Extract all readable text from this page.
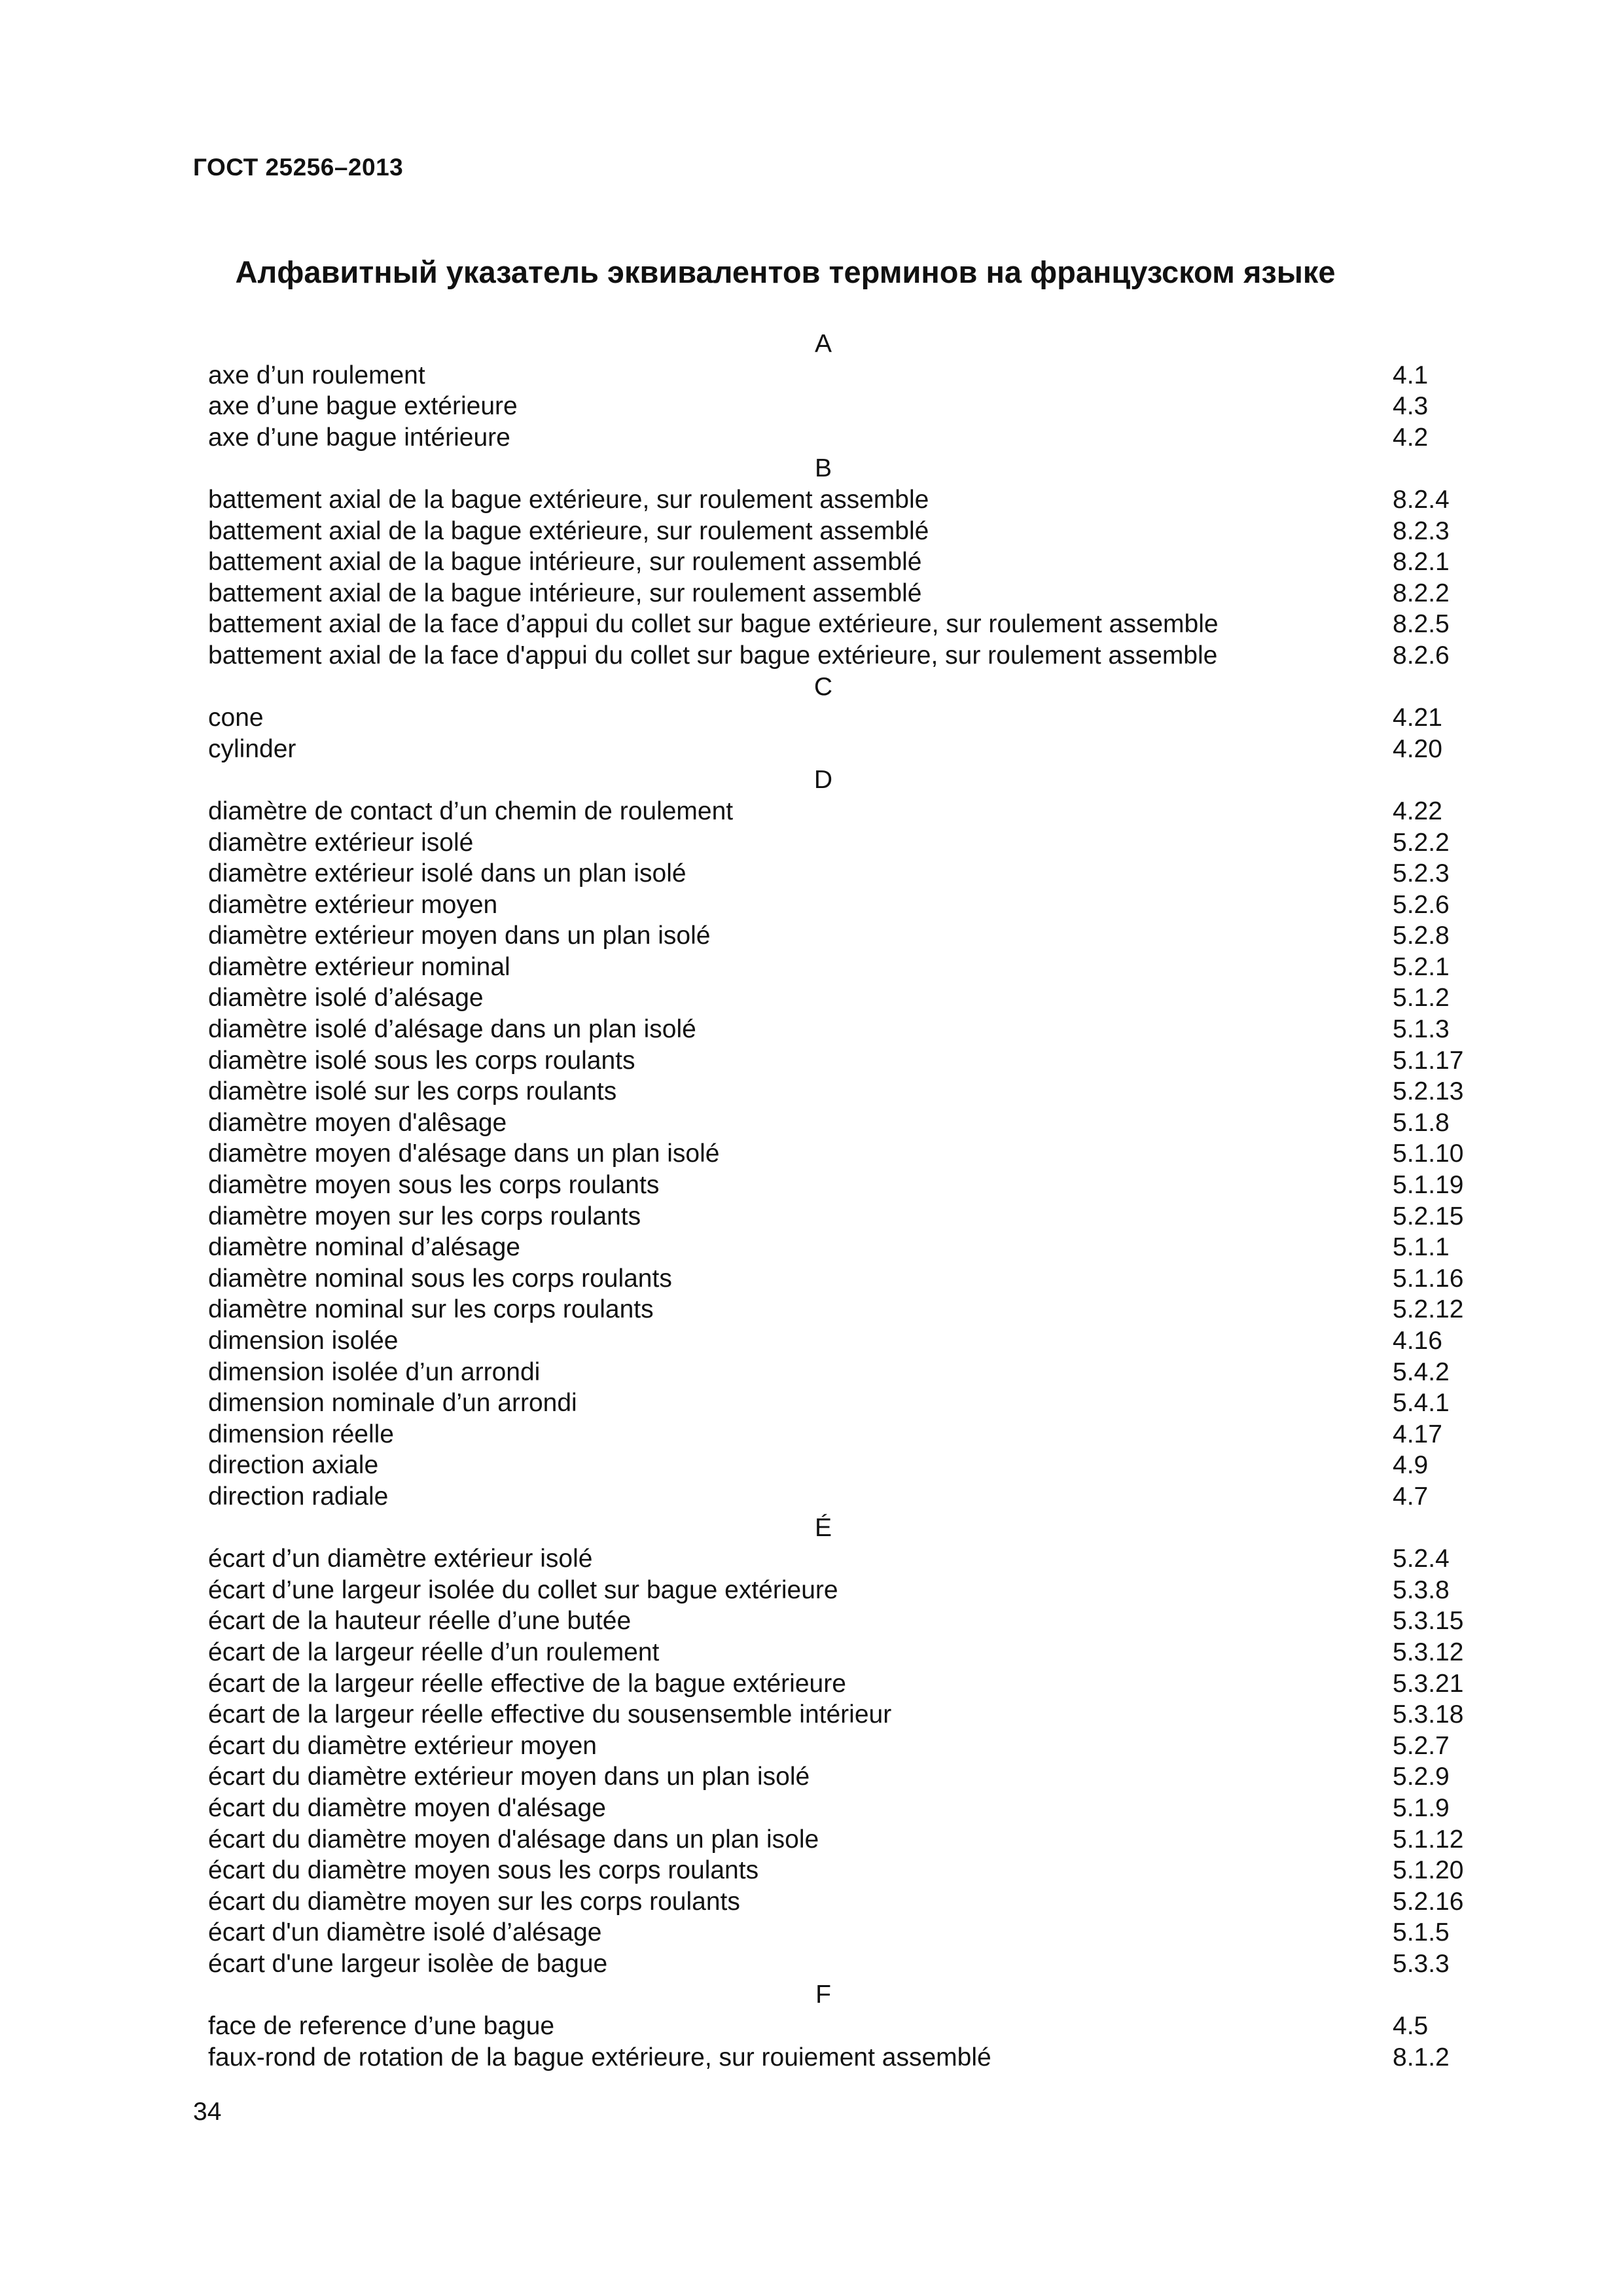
ГОСТ 25256–2013
Алфавитный указатель эквивалентов терминов на французском языке
A
axe d’un roulement	4.1
axe d’une bague extérieure	4.3
axe d’une bague intérieure	4.2
B
battement axial de la bague extérieure, sur roulement assemble	8.2.4
battement axial de la bague extérieure, sur roulement assemblé	8.2.3
battement axial de la bague intérieure, sur roulement assemblé	8.2.1
battement axial de la bague intérieure, sur roulement assemblé	8.2.2
battement axial de la face d’appui du collet sur bague extérieure, sur roulement assemble	8.2.5
battement axial de la face d'appui du collet sur bague extérieure, sur roulement assemble	8.2.6
C
cone	4.21
cylinder	4.20
D
diamètre de contact d’un chemin de roulement	4.22
diamètre extérieur isolé	5.2.2
diamètre extérieur isolé dans un plan isolé	5.2.3
diamètre extérieur moyen	5.2.6
diamètre extérieur moyen dans un plan isolé	5.2.8
diamètre extérieur nominal	5.2.1
diamètre isolé d’alésage	5.1.2
diamètre isolé d’alésage dans un plan isolé	5.1.3
diamètre isolé sous les corps roulants	5.1.17
diamètre isolé sur les corps roulants	5.2.13
diamètre moyen d'alêsage	5.1.8
diamètre moyen d'alésage dans un plan isolé	5.1.10
diamètre moyen sous les corps roulants	5.1.19
diamètre moyen sur les corps roulants	5.2.15
diamètre nominal d’alésage	5.1.1
diamètre nominal sous les corps roulants	5.1.16
diamètre nominal sur les corps roulants	5.2.12
dimension isolée	4.16
dimension isolée d’un arrondi	5.4.2
dimension nominale d’un arrondi	5.4.1
dimension réelle	4.17
direction axiale	4.9
direction radiale	4.7
É
écart d’un diamètre extérieur isolé	5.2.4
écart d’une largeur isolée du collet sur bague extérieure	5.3.8
écart de la hauteur réelle d’une butée	5.3.15
écart de la largeur réelle d’un roulement	5.3.12
écart de la largeur réelle effective de la bague extérieure	5.3.21
écart de la largeur réelle effective du sousensemble intérieur	5.3.18
écart du diamètre extérieur moyen	5.2.7
écart du diamètre extérieur moyen dans un plan isolé	5.2.9
écart du diamètre moyen d'alésage	5.1.9
écart du diamètre moyen d'alésage dans un plan isole	5.1.12
écart du diamètre moyen sous les corps roulants	5.1.20
écart du diamètre moyen sur les corps roulants	5.2.16
écart d'un diamètre isolé d’alésage	5.1.5
écart d'une largeur isolèe de bague	5.3.3
F
face de reference d’une bague	4.5
faux-rond de rotation de la bague extérieure, sur rouiement assemblé	8.1.2
34
